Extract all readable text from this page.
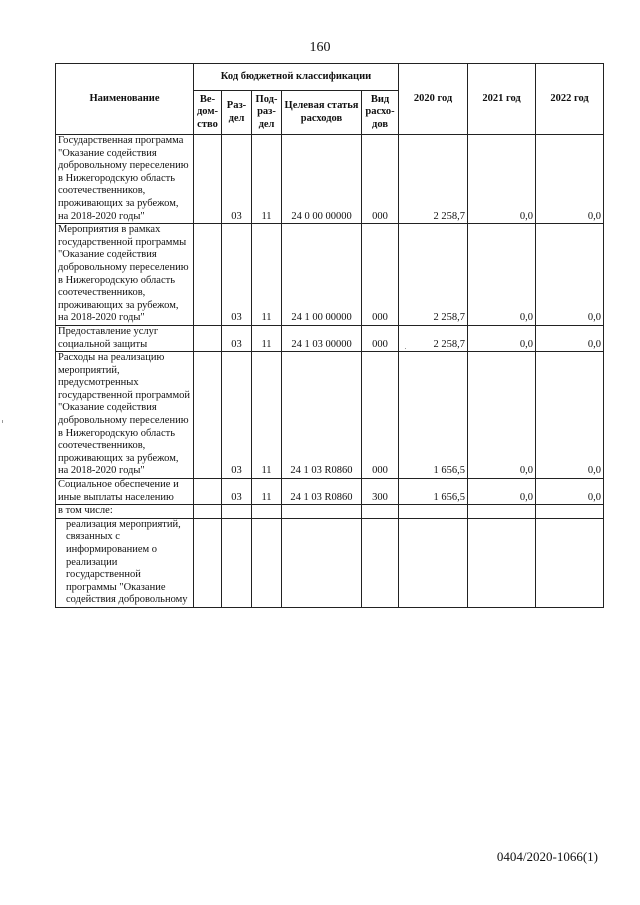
160
Наименование	Код бюджетной классификации					2020 год	2021 год	2022 год
	Ве-дом-ство	Раз-дел	Под-раз-дел	Целевая статья расходов	Вид расхо-дов			
Государственная программа "Оказание содействия добровольному переселению в Нижегородскую область соотечественников, проживающих за рубежом, на 2018-2020 годы"		03	11	24 0 00 00000	000	2 258,7	0,0	0,0
Мероприятия в рамках государственной программы "Оказание содействия добровольному переселению в Нижегородскую область соотечественников, проживающих за рубежом, на 2018-2020 годы"		03	11	24 1 00 00000	000	2 258,7	0,0	0,0
Предоставление услуг социальной защиты		03	11	24 1 03 00000	000	2 258,7	0,0	0,0
Расходы на реализацию мероприятий, предусмотренных государственной программой "Оказание содействия добровольному переселению в Нижегородскую область соотечественников, проживающих за рубежом, на 2018-2020 годы"		03	11	24 1 03 R0860	000	1 656,5	0,0	0,0
Социальное обеспечение и иные выплаты населению		03	11	24 1 03 R0860	300	1 656,5	0,0	0,0
в том числе:								
реализация мероприятий, связанных с информированием о реализации государственной программы "Оказание содействия добровольному								
0404/2020-1066(1)
